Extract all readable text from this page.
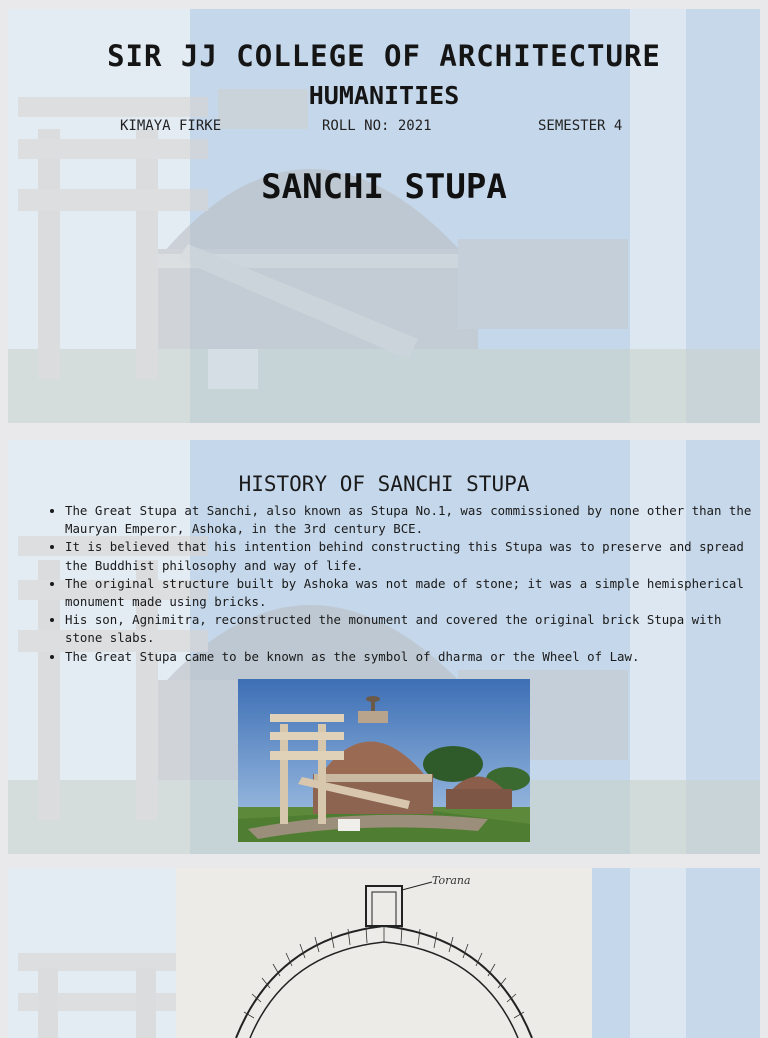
SIR JJ COLLEGE OF ARCHITECTURE
HUMANITIES
KIMAYA FIRKE	ROLL NO: 2021	SEMESTER 4
SANCHI STUPA
HISTORY OF SANCHI STUPA
• The Great Stupa at Sanchi, also known as Stupa No.1, was commissioned by none other than the Mauryan Emperor, Ashoka, in the 3rd century BCE.
• It is believed that his intention behind constructing this Stupa was to preserve and spread the Buddhist philosophy and way of life.
• The original structure built by Ashoka was not made of stone; it was a simple hemispherical monument made using bricks.
• His son, Agnimitra, reconstructed the monument and covered the original brick Stupa with stone slabs.
• The Great Stupa came to be known as the symbol of dharma or the Wheel of Law.
Torana
